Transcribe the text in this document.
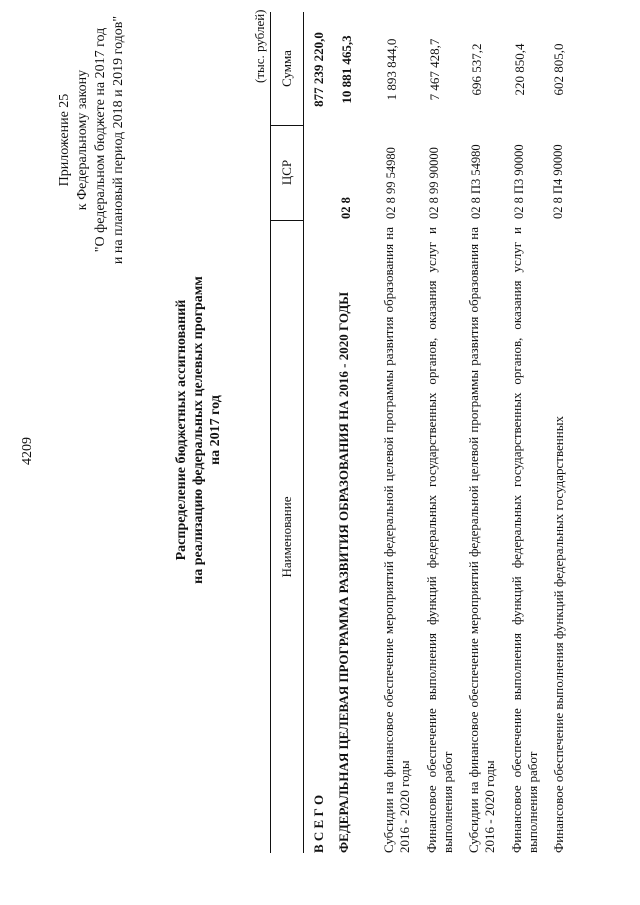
4209
Приложение 25 к Федеральному закону "О федеральном бюджете на 2017 год и на плановый период 2018 и 2019 годов"
Распределение бюджетных ассигнований на реализацию федеральных целевых программ на 2017 год
(тыс. рублей)
Наименование
ЦСР
Сумма
В С Е Г О
877 239 220,0
ФЕДЕРАЛЬНАЯ ЦЕЛЕВАЯ ПРОГРАММА РАЗВИТИЯ ОБРАЗОВАНИЯ НА 2016 - 2020 ГОДЫ
02 8
10 881 465,3
Субсидии на финансовое обеспечение мероприятий федеральной целевой программы развития образования на 2016 - 2020 годы
02 8 99 54980
1 893 844,0
Финансовое обеспечение выполнения функций федеральных государственных органов, оказания услуг и выполнения работ
02 8 99 90000
7 467 428,7
Субсидии на финансовое обеспечение мероприятий федеральной целевой программы развития образования на 2016 - 2020 годы
02 8 П3 54980
696 537,2
Финансовое обеспечение выполнения функций федеральных государственных органов, оказания услуг и выполнения работ
02 8 П3 90000
220 850,4
Финансовое обеспечение выполнения функций федеральных государственных
02 8 П4 90000
602 805,0
